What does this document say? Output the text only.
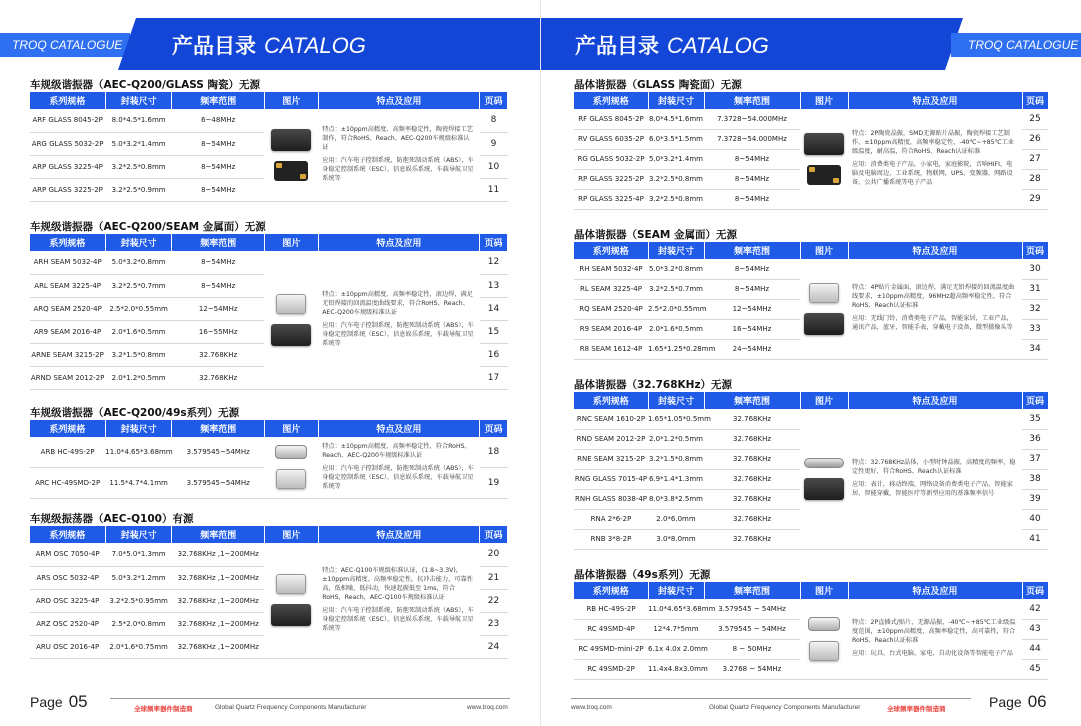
TROQ CATALOGUE 产品目录 CATALOG
车规级谐振器（AEC-Q200/GLASS 陶瓷）无源
系列规格	封装尺寸	频率范围	图片	特点及应用	页码
ARF GLASS 8045-2P	8.0*4.5*1.6mm	6~48MHz		特点：±10ppm高精度、高频率稳定性，陶瓷焊接工艺制作，符合RoHS、Reach、AEC-Q200车规级标准认证

应用：汽车电子控制系统，防抱死制动系统（ABS），车身稳定控制系统（ESC），信息娱乐系统、车载导航卫星系统等	8
ARG GLASS 5032-2P	5.0*3.2*1.4mm	8~54MHz			9
ARP GLASS 3225-4P	3.2*2.5*0.8mm	8~54MHz			10
ARP GLASS 3225-2P	3.2*2.5*0.9mm	8~54MHz			11
车规级谐振器（AEC-Q200/SEAM 金属面）无源
系列规格	封装尺寸	频率范围	图片	特点及应用	页码
ARH SEAM 5032-4P	5.0*3.2*0.8mm	8~54MHz		特点：±10ppm高精度、高频率稳定性，滚边焊，满足无铅焊接的回流温度曲线要求，符合RoHS、Reach、AEC-Q200车规级标准认证

应用：汽车电子控制系统，防抱死制动系统（ABS），车身稳定控制系统（ESC），信息娱乐系统、车载导航卫星系统等	12
ARL SEAM 3225-4P	3.2*2.5*0.7mm	8~54MHz			13
ARQ SEAM 2520-4P	2.5*2.0*0.55mm	12~54MHz			14
AR9 SEAM 2016-4P	2.0*1.6*0.5mm	16~55MHz			15
ARNE SEAM 3215-2P	3.2*1.5*0.8mm	32.768KHz			16
ARND SEAM 2012-2P	2.0*1.2*0.5mm	32.768KHz			17
车规级谐振器（AEC-Q200/49s系列）无源
系列规格	封装尺寸	频率范围	图片	特点及应用	页码
ARB HC-49S-2P	11.0*4.65*3.68mm	3.579545~54MHz		特点：±10ppm高精度、高频率稳定性，符合RoHS、Reach、AEC-Q200车规级标准认证

应用：汽车电子控制系统，防抱死制动系统（ABS），车身稳定控制系统（ESC），信息娱乐系统、车载导航卫星系统等	18
ARC HC-49SMD-2P	11.5*4.7*4.1mm	3.579545~54MHz			19
车规级振荡器（AEC-Q100）有源
系列规格	封装尺寸	频率范围	图片	特点及应用	页码
ARM OSC 7050-4P	7.0*5.0*1.3mm	32.768KHz ,1~200MHz		特点：AEC-Q100车规级标准认证，(1.8~3.3V)，±10ppm高精度、高频率稳定性，抗冲击能力，可靠性高，低相噪，低抖动，快速起振低至 1ms，符合RoHS，Reach，AEC-Q100车规级标准认证

应用：汽车电子控制系统，防抱死制动系统（ABS），车身稳定控制系统（ESC），信息娱乐系统、车载导航卫星系统等	20
ARS OSC 5032-4P	5.0*3.2*1.2mm	32.768KHz ,1~200MHz			21
ARO OSC 3225-4P	3.2*2.5*0.95mm	32.768KHz ,1~200MHz			22
ARZ OSC 2520-4P	2.5*2.0*0.8mm	32.768KHz ,1~200MHz			23
ARU OSC 2016-4P	2.0*1.6*0.75mm	32.768KHz ,1~200MHz			24
Page 05	全球频率器件制造商	Global Quartz Frequency Components Manufacturer	www.troq.com
产品目录 CATALOG	TROQ CATALOGUE
晶体谐振器（GLASS 陶瓷面）无源
系列规格	封装尺寸	频率范围	图片	特点及应用	页码
RF GLASS 8045-2P	8.0*4.5*1.6mm	7.3728~54.000MHz		特点：2P陶瓷晶振，SMD无源贴片晶振，陶瓷焊接工艺制作，±10ppm高精度，高频率稳定性，-40℃~+85℃工业级温度，耐高温，符合RoHS、Reach认证标准

应用：消费类电子产品，小家电，家庭影院，音响HIFI，电脑及电脑周边，工业系统，物联网，UPS，变频器，网路设备，公共广播系统等电子产品	25
RV GLASS 6035-2P	6.0*3.5*1.5mm	7.3728~54.000MHz			26
RG GLASS 5032-2P	5.0*3.2*1.4mm	8~54MHz			27
RP GLASS 3225-2P	3.2*2.5*0.8mm	8~54MHz			28
RP GLASS 3225-4P	3.2*2.5*0.8mm	8~54MHz			29
晶体谐振器（SEAM 金属面）无源
系列规格	封装尺寸	频率范围	图片	特点及应用	页码
RH SEAM 5032-4P	5.0*3.2*0.8mm	8~54MHz		特点：4P贴片金属面，滚边焊，满足无铅焊接的回流温度曲线要求，±10ppm高精度，96MHz超高频率稳定性，符合RoHS、Reach认证标准

应用：无线门铃，消费类电子产品，智能家居，工业产品，通讯产品，蓝牙，智能手表，穿戴电子设备，微型摄像头等	30
RL SEAM 3225-4P	3.2*2.5*0.7mm	8~54MHz			31
RQ SEAM 2520-4P	2.5*2.0*0.55mm	12~54MHz			32
R9 SEAM 2016-4P	2.0*1.6*0.5mm	16~54MHz			33
R8 SEAM 1612-4P	1.65*1.25*0.28mm	24~54MHz			34
晶体谐振器（32.768KHz）无源
系列规格	封装尺寸	频率范围	图片	特点及应用	页码
RNC SEAM 1610-2P	1.65*1.05*0.5mm	32.768KHz		特点：32.768KHz晶体，小型时钟晶振，高精度的频率，稳定性更好，符合RoHS、Reach认证标准

应用：表计，移动终端，网络设备消费类电子产品，智能家居，智能穿戴，智能医疗等新型应用的基准频率信号	35
RND SEAM 2012-2P	2.0*1.2*0.5mm	32.768KHz			36
RNE SEAM 3215-2P	3.2*1.5*0.8mm	32.768KHz			37
RNG GLASS 7015-4P	6.9*1.4*1.3mm	32.768KHz			38
RNH GLASS 8038-4P	8.0*3.8*2.5mm	32.768KHz			39
RNA 2*6-2P	2.0*6.0mm	32.768KHz			40
RNB 3*8-2P	3.0*8.0mm	32.768KHz			41
晶体谐振器（49s系列）无源
系列规格	封装尺寸	频率范围	图片	特点及应用	页码
RB HC-49S-2P	11.0*4.65*3.68mm	3.579545 ~ 54MHz		特点：2P直插式/贴片，无源晶振，-40℃~+85℃工业级温度范围，±10ppm高精度，高频率稳定性，高可靠性，符合RoHS、Reach认证标准

应用：玩具、台式电脑、家电、自动化设备等智能电子产品	42
RC 49SMD-4P	12*4.7*5mm	3.579545 ~ 54MHz			43
RC 49SMD-mini-2P	6.1x 4.0x 2.0mm	8 ~ 50MHz			44
RC 49SMD-2P	11.4x4.8x3.0mm	3.2768 ~ 54MHz			45
www.troq.com	Global Quartz Frequency Components Manufacturer	全球频率器件制造商	Page 06
